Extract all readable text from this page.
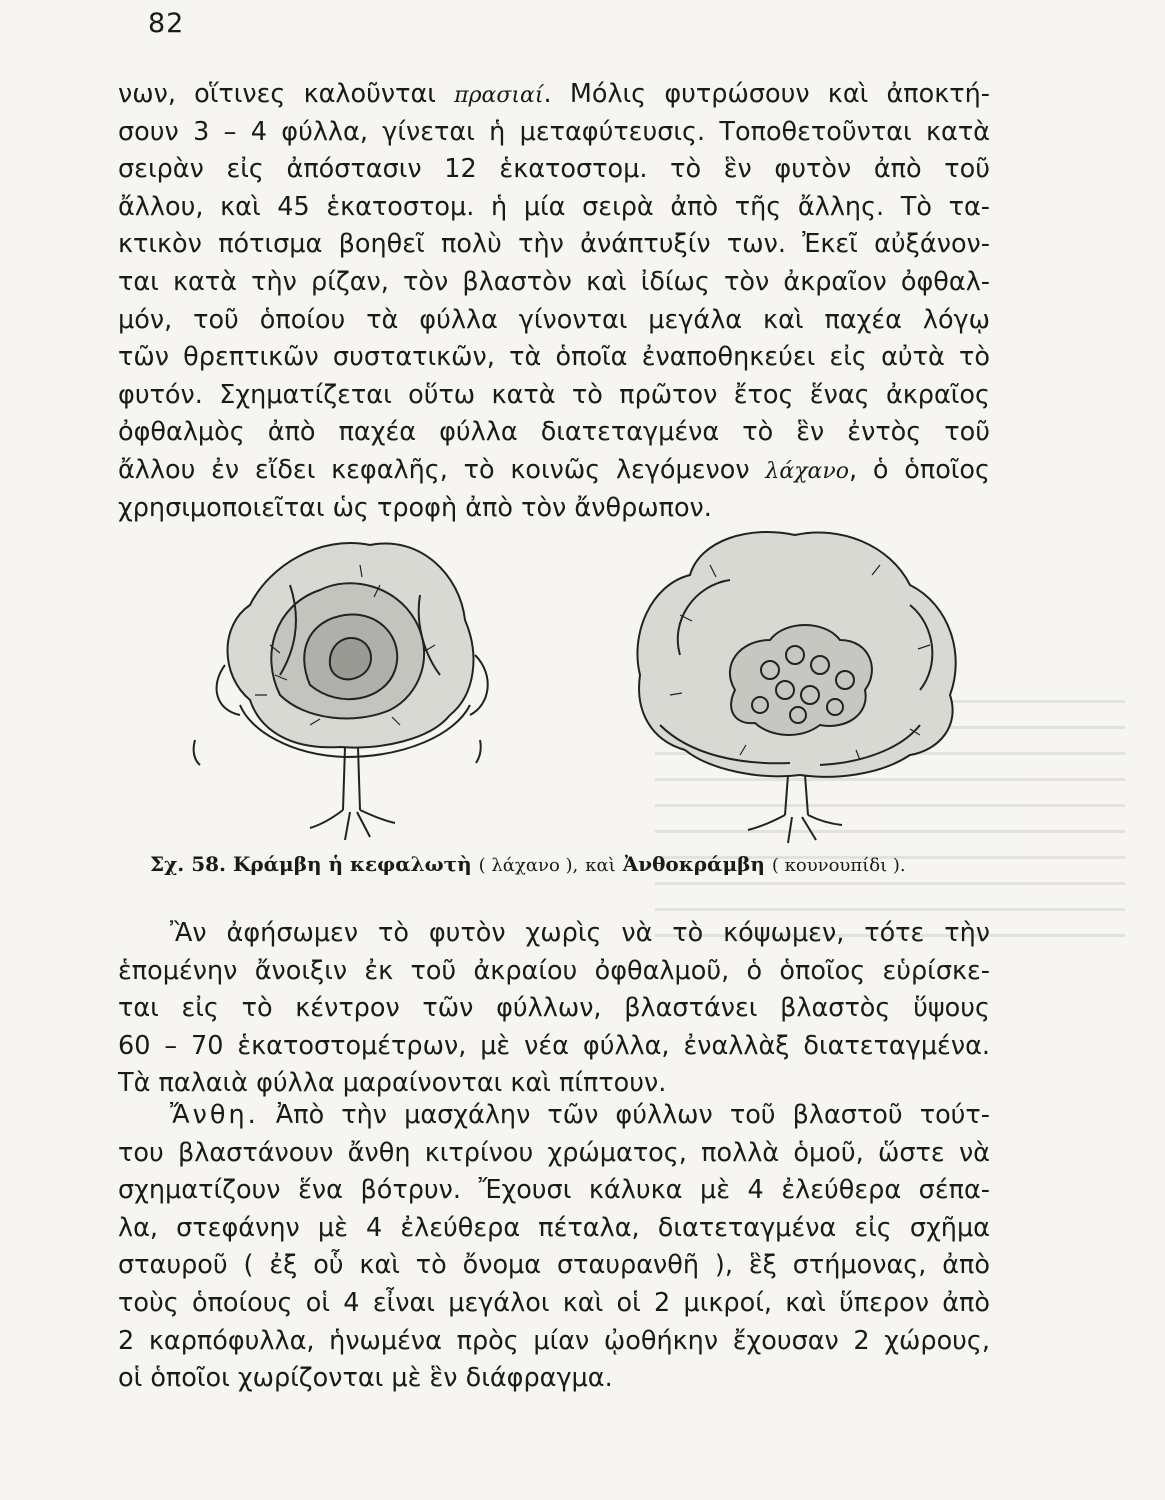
82
νων, οἵτινες καλοῦνται πρασιαί. Μόλις φυτρώσουν καὶ ἀποκτή-
σουν 3 – 4 φύλλα, γίνεται ἡ μεταφύτευσις. Τοποθετοῦνται κατὰ
σειρὰν εἰς ἀπόστασιν 12 ἑκατοστομ. τὸ ἓν φυτὸν ἀπὸ τοῦ
ἄλλου, καὶ 45 ἑκατοστομ. ἡ μία σειρὰ ἀπὸ τῆς ἄλλης. Τὸ τα-
κτικὸν πότισμα βοηθεῖ πολὺ τὴν ἀνάπτυξίν των. Ἐκεῖ αὐξάνον-
ται κατὰ τὴν ρίζαν, τὸν βλαστὸν καὶ ἰδίως τὸν ἀκραῖον ὀφθαλ-
μόν, τοῦ ὁποίου τὰ φύλλα γίνονται μεγάλα καὶ παχέα λόγῳ
τῶν θρεπτικῶν συστατικῶν, τὰ ὁποῖα ἐναποθηκεύει εἰς αὐτὰ τὸ
φυτόν. Σχηματίζεται οὕτω κατὰ τὸ πρῶτον ἔτος ἕνας ἀκραῖος
ὀφθαλμὸς ἀπὸ παχέα φύλλα διατεταγμένα τὸ ἓν ἐντὸς τοῦ
ἄλλου ἐν εἴδει κεφαλῆς, τὸ κοινῶς λεγόμενον λάχανο, ὁ ὁποῖος
χρησιμοποιεῖται ὡς τροφὴ ἀπὸ τὸν ἄνθρωπον.
Σχ. 58. Κράμβη ἡ κεφαλωτὴ ( λάχανο ), καὶ Ἀνθοκράμβη ( κουνουπίδι ).
Ἂν ἀφήσωμεν τὸ φυτὸν χωρὶς νὰ τὸ κόψωμεν, τότε τὴν
ἑπομένην ἄνοιξιν ἐκ τοῦ ἀκραίου ὀφθαλμοῦ, ὁ ὁποῖος εὑρίσκε-
ται εἰς τὸ κέντρον τῶν φύλλων, βλαστάνει βλαστὸς ὕψους
60 – 70 ἑκατοστομέτρων, μὲ νέα φύλλα, ἐναλλὰξ διατεταγμένα.
Τὰ παλαιὰ φύλλα μαραίνονται καὶ πίπτουν.
Ἄνθη. Ἀπὸ τὴν μασχάλην τῶν φύλλων τοῦ βλαστοῦ τούτ-
του βλαστάνουν ἄνθη κιτρίνου χρώματος, πολλὰ ὁμοῦ, ὥστε νὰ
σχηματίζουν ἕνα βότρυν. Ἔχουσι κάλυκα μὲ 4 ἐλεύθερα σέπα-
λα, στεφάνην μὲ 4 ἐλεύθερα πέταλα, διατεταγμένα εἰς σχῆμα
σταυροῦ ( ἐξ οὗ καὶ τὸ ὄνομα σταυρανθῆ ), ἓξ στήμονας, ἀπὸ
τοὺς ὁποίους οἱ 4 εἶναι μεγάλοι καὶ οἱ 2 μικροί, καὶ ὕπερον ἀπὸ
2 καρπόφυλλα, ἡνωμένα πρὸς μίαν ᾠοθήκην ἔχουσαν 2 χώρους,
οἱ ὁποῖοι χωρίζονται μὲ ἓν διάφραγμα.
